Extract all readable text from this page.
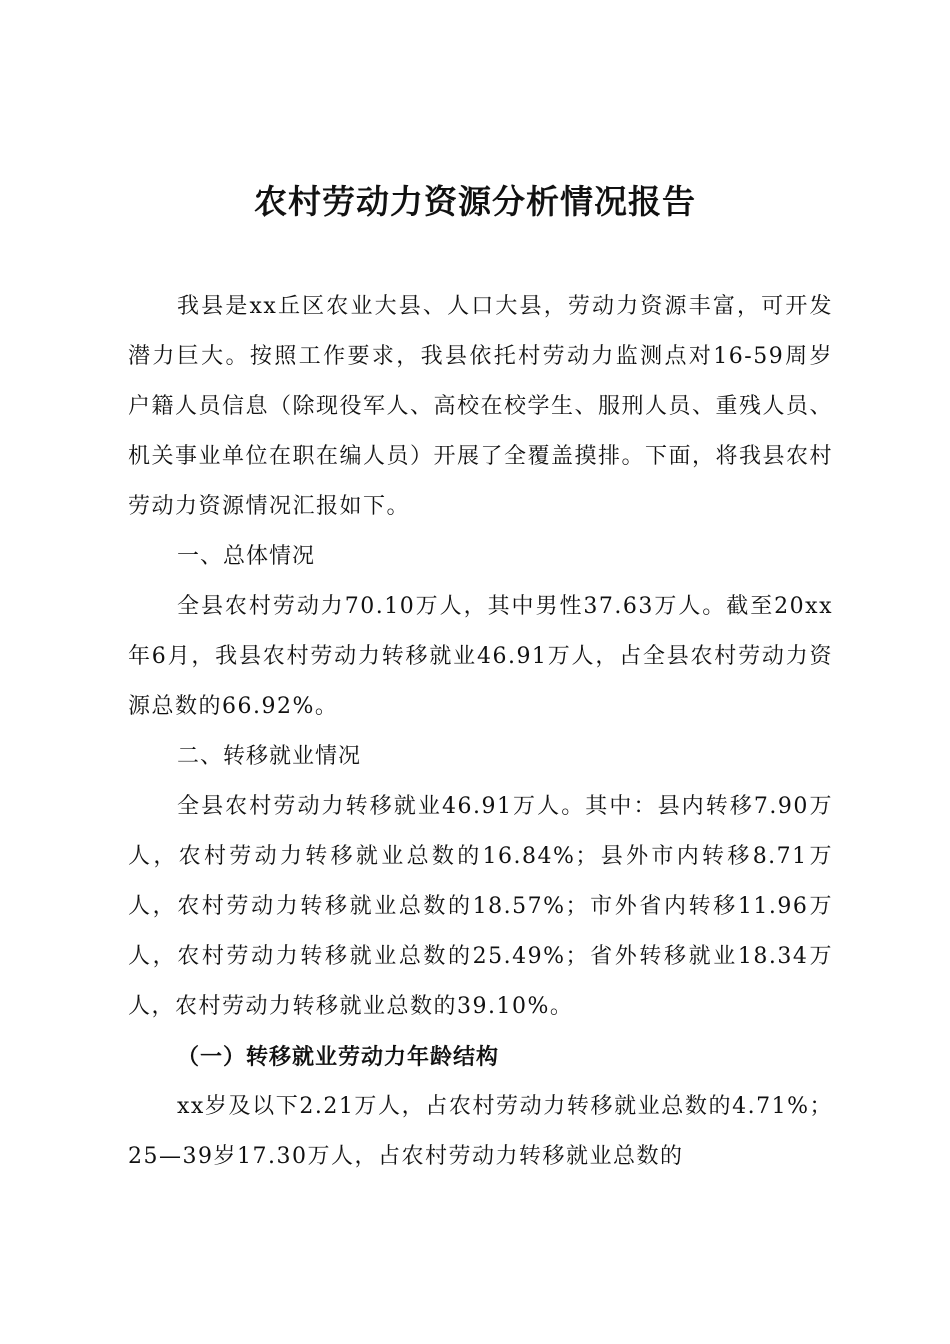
农村劳动力资源分析情况报告

我县是xx丘区农业大县、人口大县，劳动力资源丰富，可开发潜力巨大。按照工作要求，我县依托村劳动力监测点对16-59周岁户籍人员信息（除现役军人、高校在校学生、服刑人员、重残人员、机关事业单位在职在编人员）开展了全覆盖摸排。下面，将我县农村劳动力资源情况汇报如下。

一、总体情况

全县农村劳动力70.10万人，其中男性37.63万人。截至20xx年6月，我县农村劳动力转移就业46.91万人，占全县农村劳动力资源总数的66.92%。

二、转移就业情况

全县农村劳动力转移就业46.91万人。其中：县内转移7.90万人，农村劳动力转移就业总数的16.84%；县外市内转移8.71万人，农村劳动力转移就业总数的18.57%；市外省内转移11.96万人，农村劳动力转移就业总数的25.49%；省外转移就业18.34万人，农村劳动力转移就业总数的39.10%。

（一）转移就业劳动力年龄结构

xx岁及以下2.21万人，占农村劳动力转移就业总数的4.71%；25—39岁17.30万人，占农村劳动力转移就业总数的
